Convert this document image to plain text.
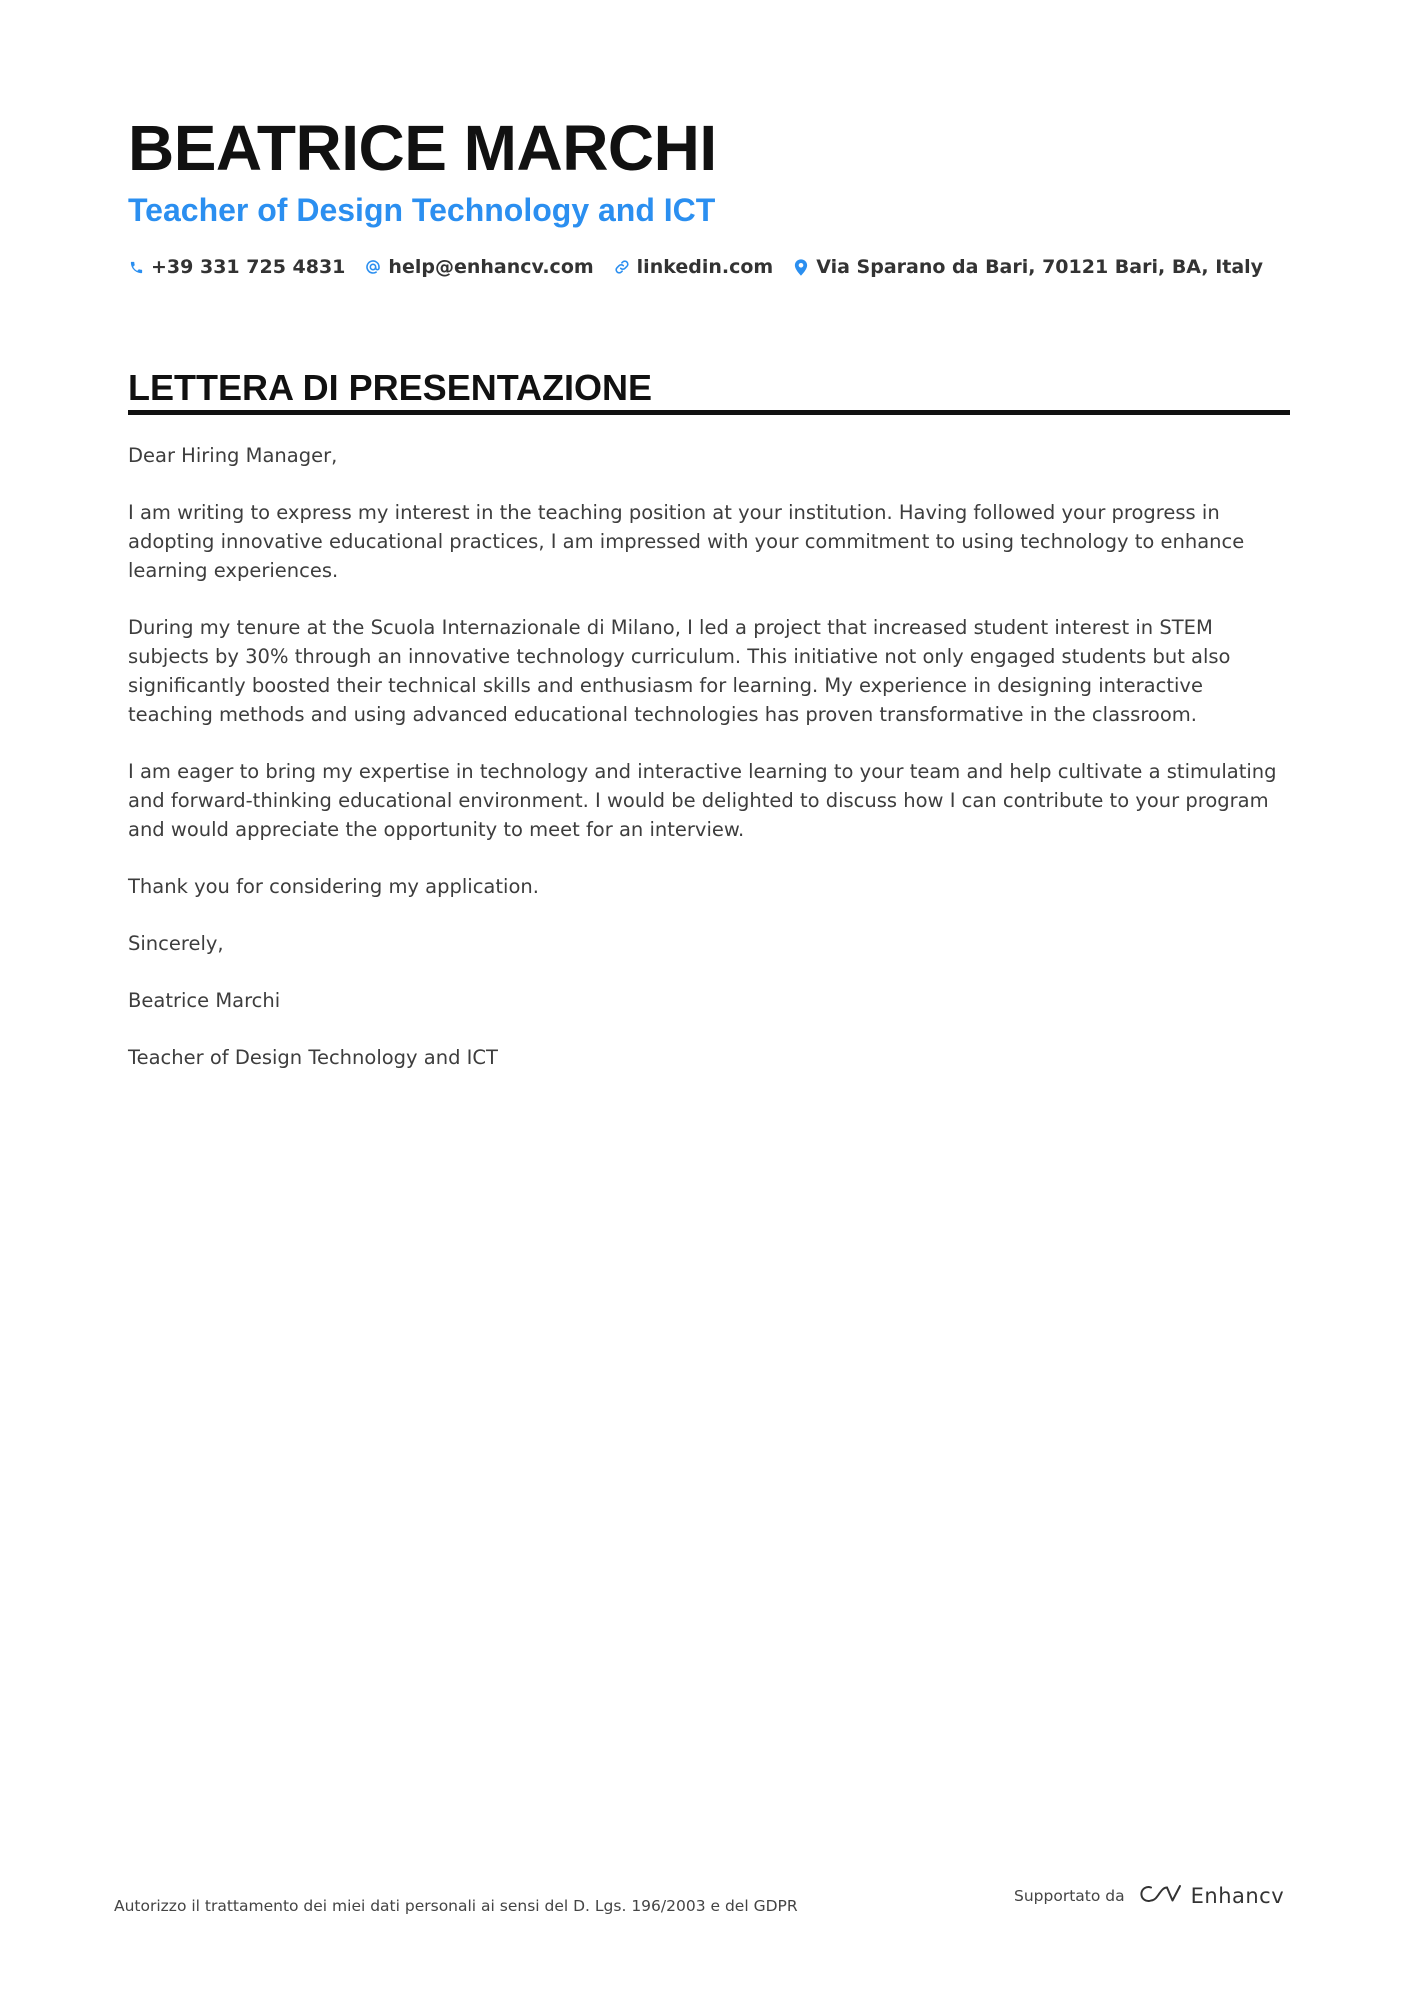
BEATRICE MARCHI
Teacher of Design Technology and ICT
+39 331 725 4831 help@enhancv.com linkedin.com Via Sparano da Bari, 70121 Bari, BA, Italy
LETTERA DI PRESENTAZIONE

Dear Hiring Manager,

I am writing to express my interest in the teaching position at your institution. Having followed your progress in adopting innovative educational practices, I am impressed with your commitment to using technology to enhance learning experiences.

During my tenure at the Scuola Internazionale di Milano, I led a project that increased student interest in STEM subjects by 30% through an innovative technology curriculum. This initiative not only engaged students but also significantly boosted their technical skills and enthusiasm for learning. My experience in designing interactive teaching methods and using advanced educational technologies has proven transformative in the classroom.

I am eager to bring my expertise in technology and interactive learning to your team and help cultivate a stimulating and forward-thinking educational environment. I would be delighted to discuss how I can contribute to your program and would appreciate the opportunity to meet for an interview.

Thank you for considering my application.

Sincerely,

Beatrice Marchi

Teacher of Design Technology and ICT

Autorizzo il trattamento dei miei dati personali ai sensi del D. Lgs. 196/2003 e del GDPR
Supportato da	Enhancv
